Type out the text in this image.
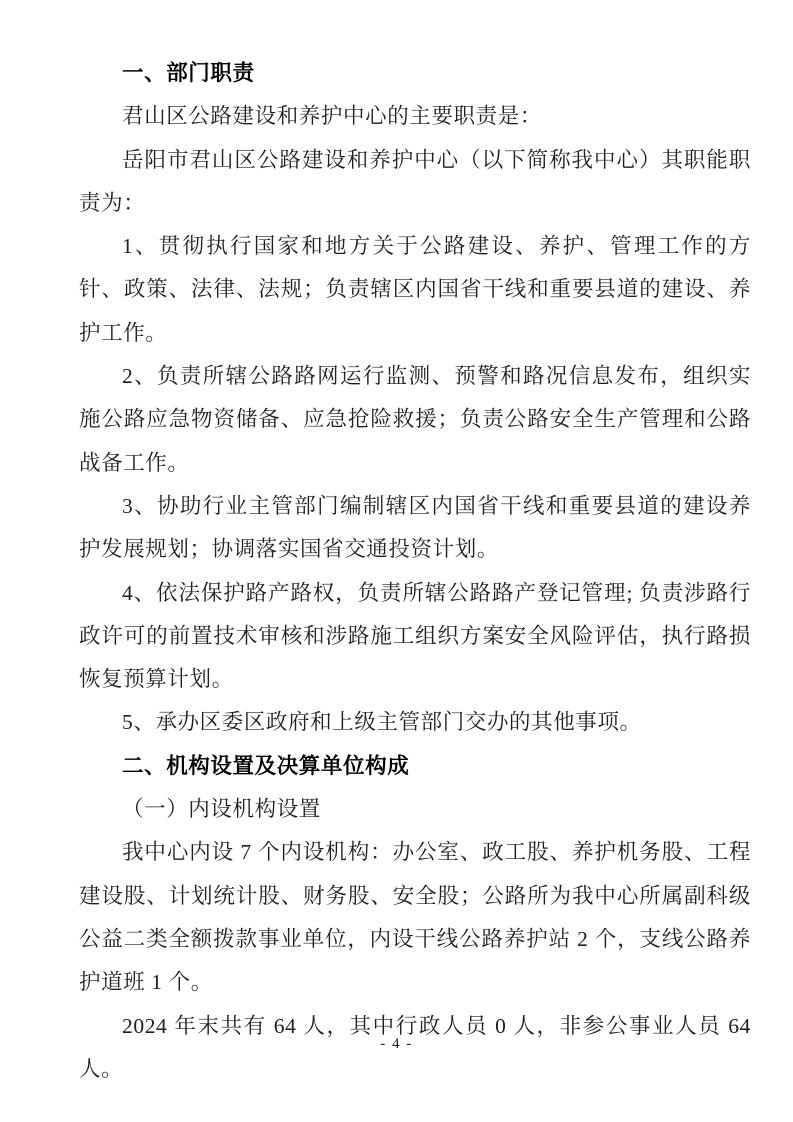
一、部门职责

君山区公路建设和养护中心的主要职责是：

岳阳市君山区公路建设和养护中心（以下简称我中心）其职能职责为：

1、贯彻执行国家和地方关于公路建设、养护、管理工作的方针、政策、法律、法规；负责辖区内国省干线和重要县道的建设、养护工作。

2、负责所辖公路路网运行监测、预警和路况信息发布，组织实施公路应急物资储备、应急抢险救援；负责公路安全生产管理和公路战备工作。

3、协助行业主管部门编制辖区内国省干线和重要县道的建设养护发展规划；协调落实国省交通投资计划。

4、依法保护路产路权，负责所辖公路路产登记管理; 负责涉路行政许可的前置技术审核和涉路施工组织方案安全风险评估，执行路损恢复预算计划。

5、承办区委区政府和上级主管部门交办的其他事项。

二、机构设置及决算单位构成

（一）内设机构设置

我中心内设 7 个内设机构：办公室、政工股、养护机务股、工程建设股、计划统计股、财务股、安全股；公路所为我中心所属副科级公益二类全额拨款事业单位，内设干线公路养护站 2 个，支线公路养护道班 1 个。

2024 年末共有 64 人，其中行政人员 0 人，非参公事业人员 64 人。

- 4 -
